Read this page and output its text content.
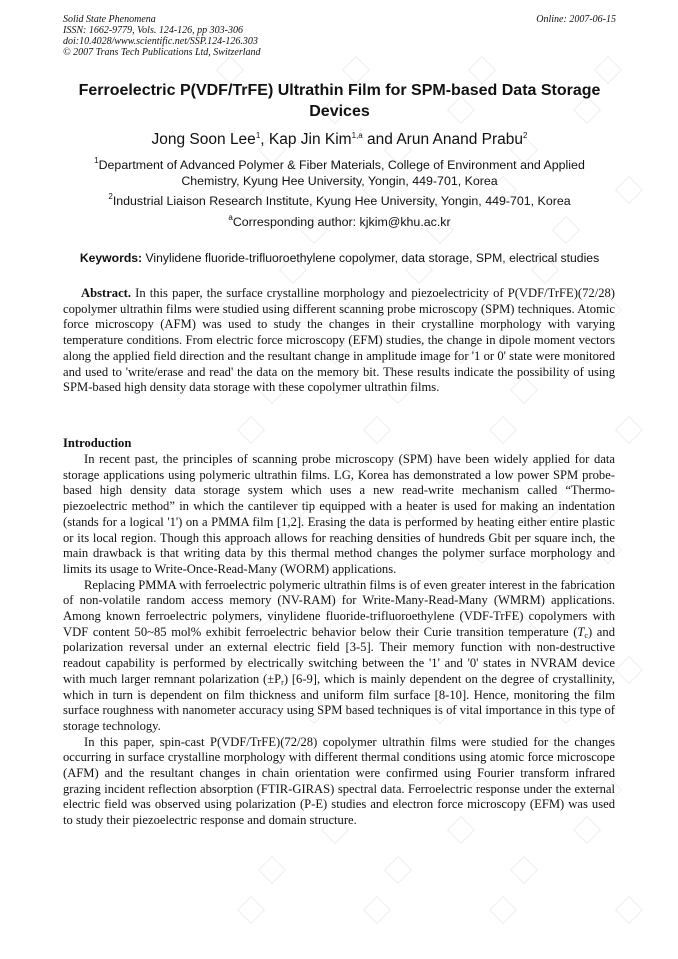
Solid State Phenomena
ISSN: 1662-9779, Vols. 124-126, pp 303-306
doi:10.4028/www.scientific.net/SSP.124-126.303
© 2007 Trans Tech Publications Ltd, Switzerland
Online: 2007-06-15
Ferroelectric P(VDF/TrFE) Ultrathin Film for SPM-based Data Storage Devices
Jong Soon Lee$^1$, Kap Jin Kim$^{1,a}$ and Arun Anand Prabu$^2$
$^1$Department of Advanced Polymer & Fiber Materials, College of Environment and Applied
Chemistry, Kyung Hee University, Yongin, 449-701, Korea
$^2$Industrial Liaison Research Institute, Kyung Hee University, Yongin, 449-701, Korea
$^a$Corresponding author: kjkim@khu.ac.kr
Keywords: Vinylidene fluoride-trifluoroethylene copolymer, data storage, SPM, electrical studies

Abstract. In this paper, the surface crystalline morphology and piezoelectricity of P(VDF/TrFE)(72/28) copolymer ultrathin films were studied using different scanning probe microscopy (SPM) techniques. Atomic force microscopy (AFM) was used to study the changes in their crystalline morphology with varying temperature conditions. From electric force microscopy (EFM) studies, the change in dipole moment vectors along the applied field direction and the resultant change in amplitude image for '1 or 0' state were monitored and used to 'write/erase and read' the data on the memory bit. These results indicate the possibility of using SPM-based high density data storage with these copolymer ultrathin films.

Introduction

In recent past, the principles of scanning probe microscopy (SPM) have been widely applied for data storage applications using polymeric ultrathin films. LG, Korea has demonstrated a low power SPM probe-based high density data storage system which uses a new read-write mechanism called “Thermo-piezoelectric method” in which the cantilever tip equipped with a heater is used for making an indentation (stands for a logical '1') on a PMMA film [1,2]. Erasing the data is performed by heating either entire plastic or its local region. Though this approach allows for reaching densities of hundreds Gbit per square inch, the main drawback is that writing data by this thermal method changes the polymer surface morphology and limits its usage to Write-Once-Read-Many (WORM) applications.

Replacing PMMA with ferroelectric polymeric ultrathin films is of even greater interest in the fabrication of non-volatile random access memory (NV-RAM) for Write-Many-Read-Many (WMRM) applications. Among known ferroelectric polymers, vinylidene fluoride-trifluoroethylene (VDF-TrFE) copolymers with VDF content 50~85 mol% exhibit ferroelectric behavior below their Curie transition temperature $(T_c)$ and polarization reversal under an external electric field [3-5]. Their memory function with non-destructive readout capability is performed by electrically switching between the '1' and '0' states in NVRAM device with much larger remnant polarization $(\pm P_r)$ [6-9], which is mainly dependent on the degree of crystallinity, which in turn is dependent on film thickness and uniform film surface [8-10]. Hence, monitoring the film surface roughness with nanometer accuracy using SPM based techniques is of vital importance in this type of storage technology.

In this paper, spin-cast P(VDF/TrFE)(72/28) copolymer ultrathin films were studied for the changes occurring in surface crystalline morphology with different thermal conditions using atomic force microscope (AFM) and the resultant changes in chain orientation were confirmed using Fourier transform infrared grazing incident reflection absorption (FTIR-GIRAS) spectral data. Ferroelectric response under the external electric field was observed using polarization (P-E) studies and electron force microscopy (EFM) was used to study their piezoelectric response and domain structure.
